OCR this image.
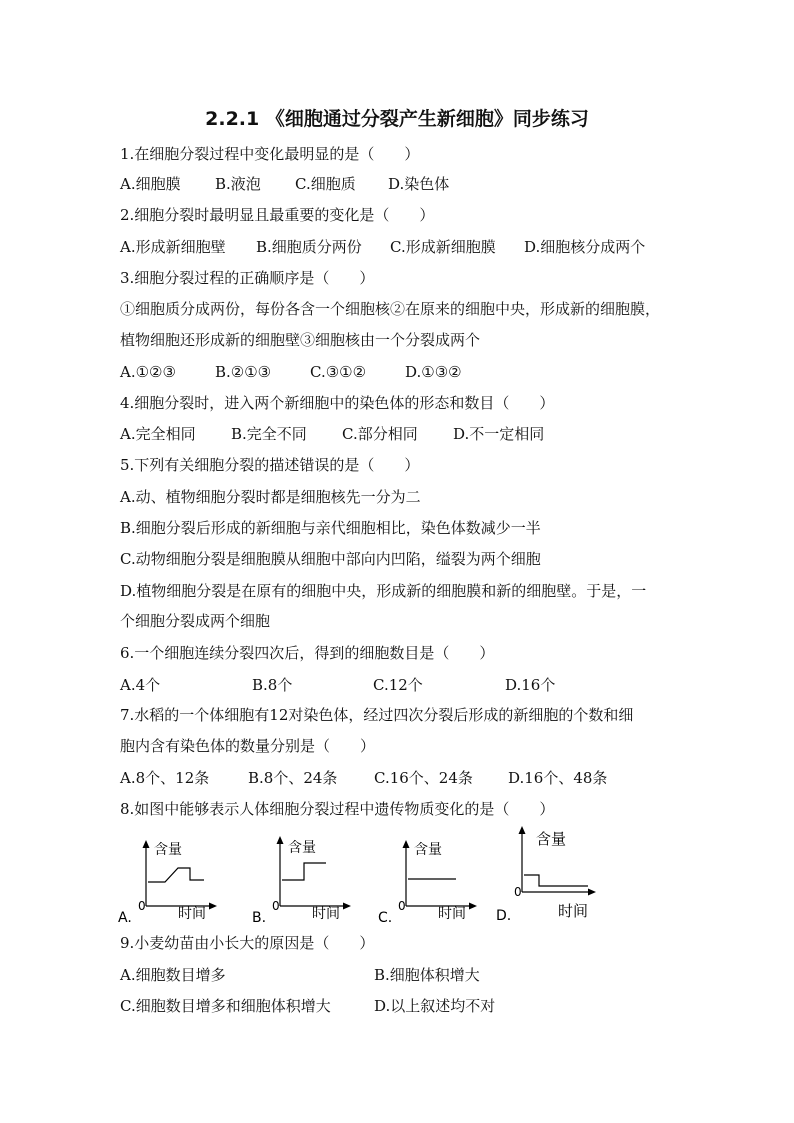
2.2.1 《细胞通过分裂产生新细胞》同步练习
1.在细胞分裂过程中变化最明显的是（　　）
A.细胞膜 B.液泡 C.细胞质 D.染色体
2.细胞分裂时最明显且最重要的变化是（　　）
A.形成新细胞壁 B.细胞质分两份 C.形成新细胞膜 D.细胞核分成两个
3.细胞分裂过程的正确顺序是（　　）
①细胞质分成两份，每份各含一个细胞核②在原来的细胞中央，形成新的细胞膜，
植物细胞还形成新的细胞壁③细胞核由一个分裂成两个
A.①②③	B.②①③	C.③①②	D.①③②
4.细胞分裂时，进入两个新细胞中的染色体的形态和数目（　　）
A.完全相同 B.完全不同 C.部分相同 D.不一定相同
5.下列有关细胞分裂的描述错误的是（　　）
A.动、植物细胞分裂时都是细胞核先一分为二
B.细胞分裂后形成的新细胞与亲代细胞相比，染色体数减少一半
C.动物细胞分裂是细胞膜从细胞中部向内凹陷，缢裂为两个细胞
D.植物细胞分裂是在原有的细胞中央，形成新的细胞膜和新的细胞壁。于是，一
个细胞分裂成两个细胞
6.一个细胞连续分裂四次后，得到的细胞数目是（　　）
A.4个	B.8个	C.12个	D.16个
7.水稻的一个体细胞有12对染色体，经过四次分裂后形成的新细胞的个数和细
胞内含有染色体的数量分别是（　　）
A.8个、12条	B.8个、24条 C.16个、24条 D.16个、48条
8.如图中能够表示人体细胞分裂过程中遗传物质变化的是（　　）
含量
时间
0
A.
含量
时间
0
B.
含量
时间
0
C.
含量
时间
0
D.
9.小麦幼苗由小长大的原因是（　　）
A.细胞数目增多	B.细胞体积增大
C.细胞数目增多和细胞体积增大	D.以上叙述均不对
